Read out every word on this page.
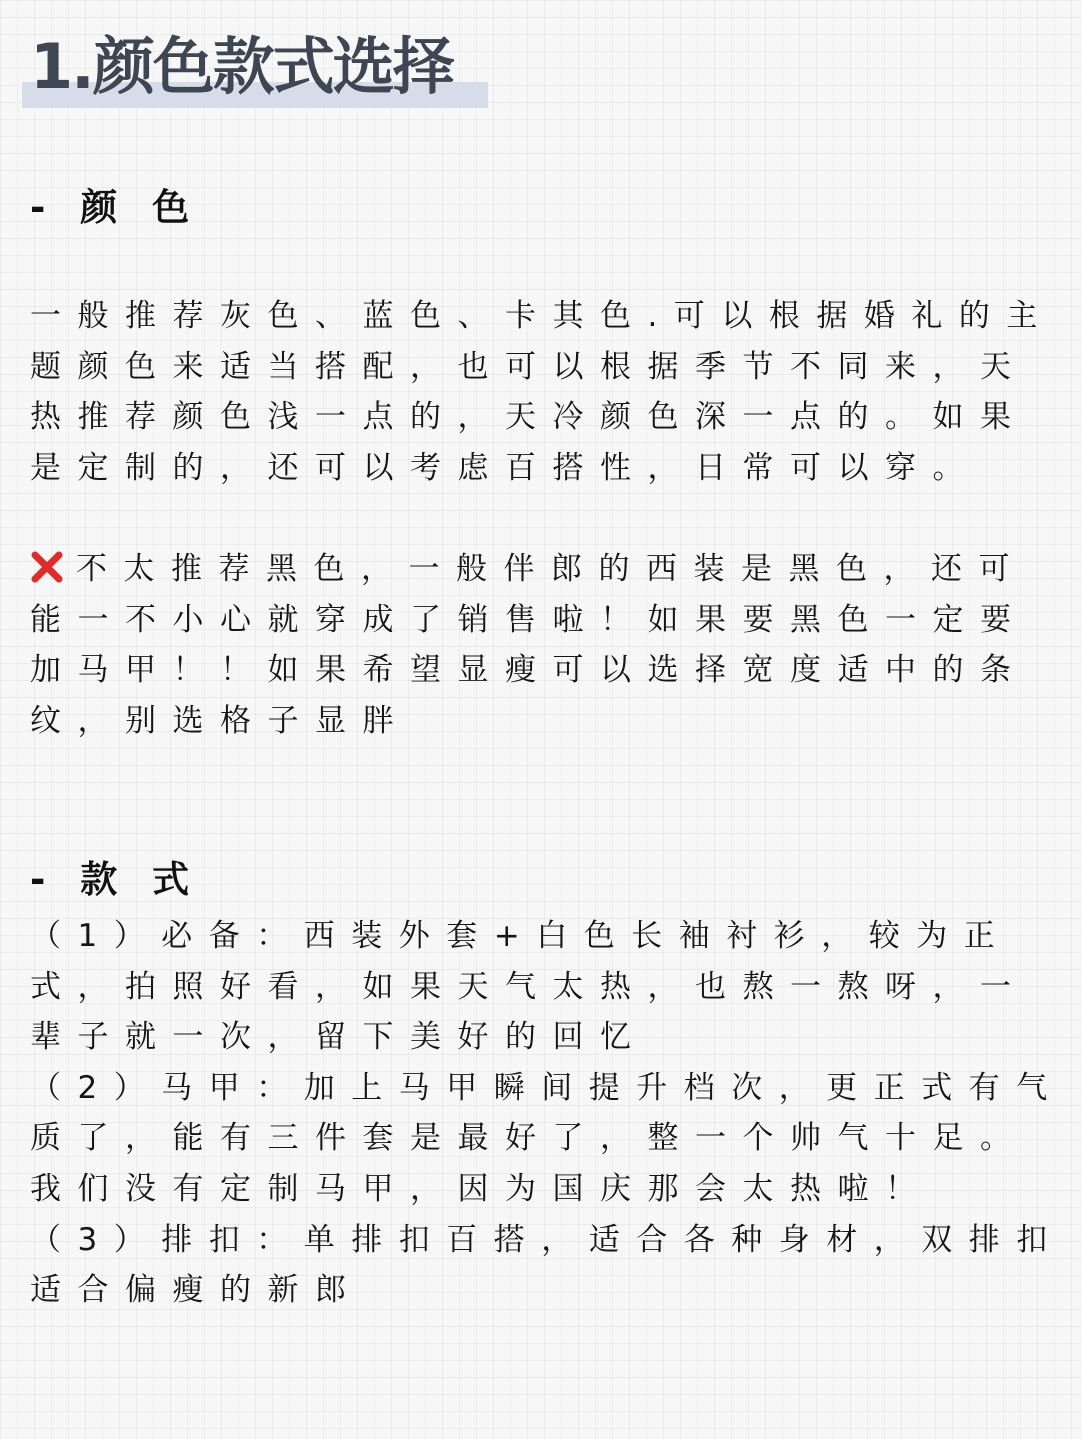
1.颜色款式选择
- 颜 色

一般推荐灰色、蓝色、卡其色.可以根据婚礼的主
题颜色来适当搭配，也可以根据季节不同来，天
热推荐颜色浅一点的，天冷颜色深一点的。如果
是定制的，还可以考虑百搭性，日常可以穿。

不太推荐黑色，一般伴郎的西装是黑色，还可
能一不小心就穿成了销售啦！如果要黑色一定要
加马甲！！如果希望显瘦可以选择宽度适中的条
纹，别选格子显胖

- 款 式

（1）必备：西装外套+白色长袖衬衫，较为正
式，拍照好看，如果天气太热，也熬一熬呀，一
辈子就一次，留下美好的回忆
（2）马甲：加上马甲瞬间提升档次，更正式有气
质了，能有三件套是最好了，整一个帅气十足。
我们没有定制马甲，因为国庆那会太热啦！
（3）排扣：单排扣百搭，适合各种身材，双排扣
适合偏瘦的新郎
